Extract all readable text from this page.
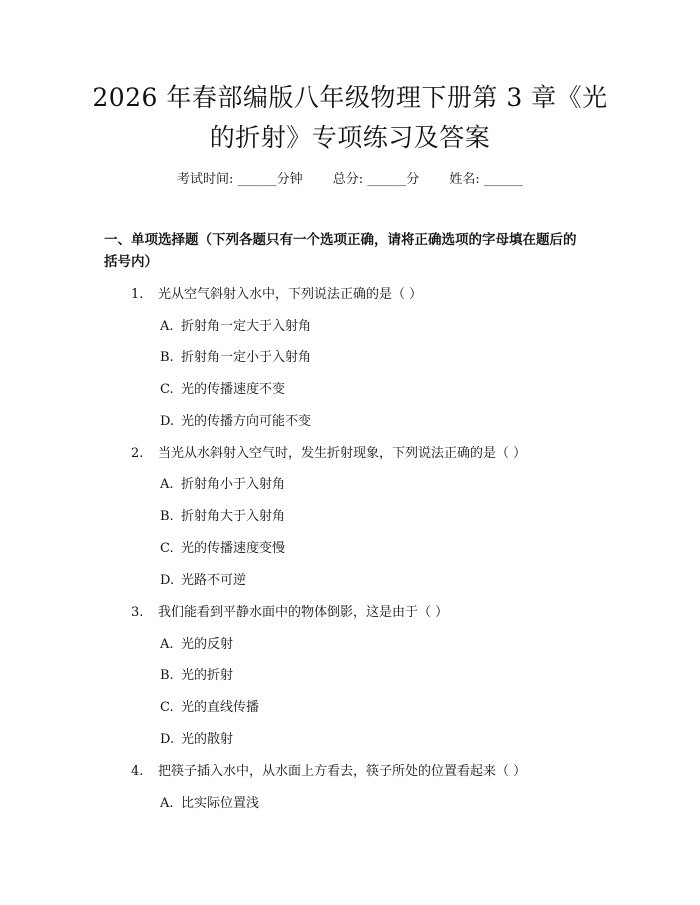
2026 年春部编版八年级物理下册第 3 章《光
的折射》专项练习及答案
考试时间: ______分钟 总分: ______分 姓名: ______
一、单项选择题（下列各题只有一个选项正确，请将正确选项的字母填在题后的
括号内）
1. 光从空气斜射入水中，下列说法正确的是（ ）
A. 折射角一定大于入射角
B. 折射角一定小于入射角
C. 光的传播速度不变
D. 光的传播方向可能不变
2. 当光从水斜射入空气时，发生折射现象，下列说法正确的是（ ）
A. 折射角小于入射角
B. 折射角大于入射角
C. 光的传播速度变慢
D. 光路不可逆
3. 我们能看到平静水面中的物体倒影，这是由于（ ）
A. 光的反射
B. 光的折射
C. 光的直线传播
D. 光的散射
4. 把筷子插入水中，从水面上方看去，筷子所处的位置看起来（ ）
A. 比实际位置浅
